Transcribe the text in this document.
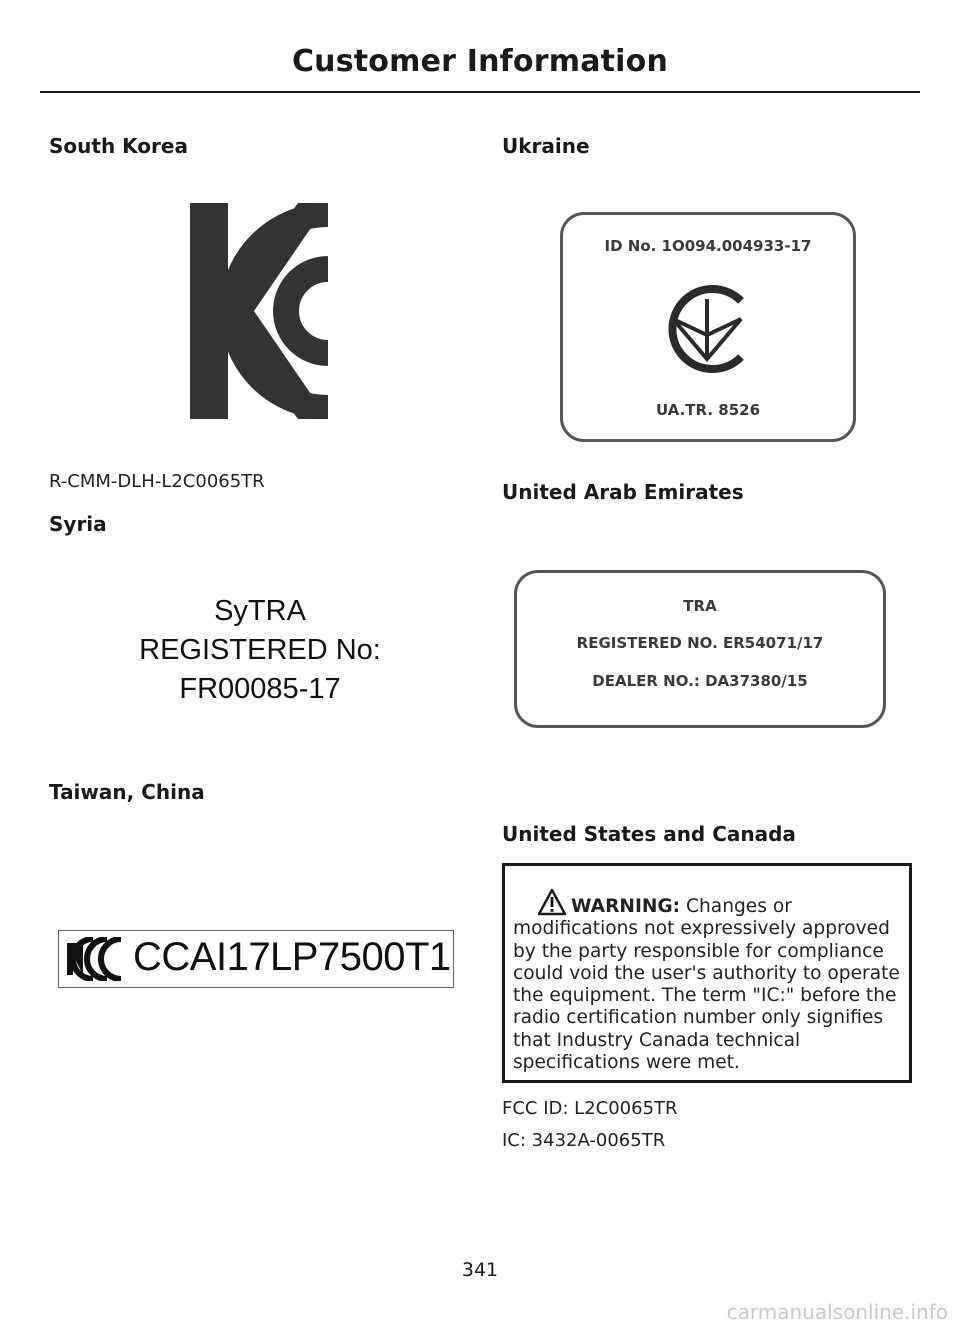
Customer Information
South Korea
R-CMM-DLH-L2C0065TR
Syria
SyTRA
REGISTERED No:
FR00085-17
Taiwan, China
CCAI17LP7500T1
Ukraine
ID No. 1O094.004933-17
UA.TR. 8526
United Arab Emirates
TRA
REGISTERED NO. ER54071/17
DEALER NO.: DA37380/15
United States and Canada
WARNING: Changes or modifications not expressively approved by the party responsible for compliance could void the user's authority to operate the equipment. The term "IC:" before the radio certification number only signifies that Industry Canada technical specifications were met.
FCC ID: L2C0065TR
IC: 3432A-0065TR
341
carmanualsonline.info
